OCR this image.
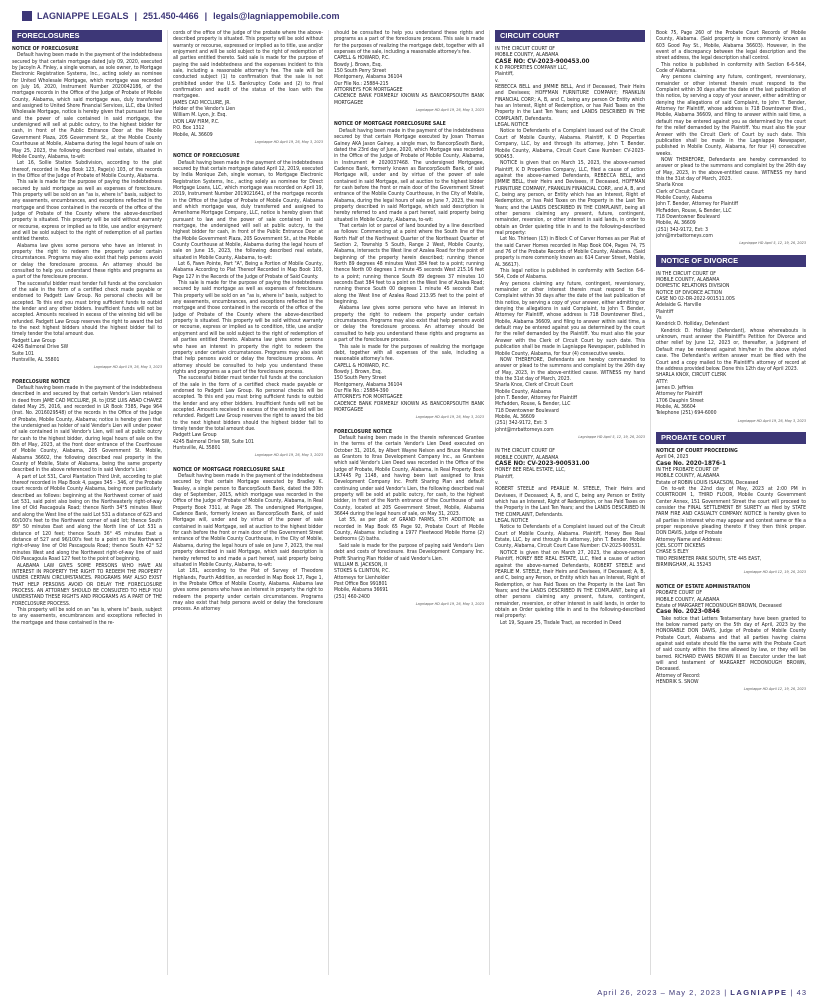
LAGNIAPPE LEGALS | 251.450-4466 | legals@lagniappemobile.com
FORECLOSURES

NOTICE OF FORECLOSURE

Default having been made in the payment of the indebtedness secured by that certain mortgage dated July 09, 2020, executed by Jacoyln A. Finley, a single woman, as sole owner, to Mortgage Electronic Registration Systems, Inc., acting solely as nominee for United Wholesale Mortgage, which mortgage was recorded on July 16, 2020, Instrument Number 2020042186, of the mortgage records in the Office of the Judge of Probate of Mobile County, Alabama, which said mortgage was, duly transferred and assigned to United Shore Financial Services, LLC, dba United Wholesale Mortgage, notice is hereby given that pursuant to law and the power of sale contained in said mortgage, the undersigned will sell at public outcry, to the highest bidder for cash, in front of the Public Entrance Door at the Mobile Government Plaza, 205 Government St., at the Mobile County Courthouse at Mobile, Alabama during the legal hours of sale on May 25, 2023, the following described real estate, situated in Mobile County, Alabama, to-wit:

Lot 16, Sollie Station Subdivision, according to the plat thereof, recorded in Map Book 123, Page(s) 103, of the records in the Office of the Judge of Probate of Mobile County, Alabama.

This sale is made for the purpose of paying the indebtedness secured by said mortgage as well as expenses of foreclosure. This property will be sold on an "as is, where is" basis, subject to any easements, encumbrances, and exceptions reflected in the mortgage and those contained in the records of the office of the Judge of Probate of the County where the above-described property is situated. This property will be sold without warranty or recourse, express or implied as to title, use and/or enjoyment and will be sold subject to the right of redemption of all parties entitled thereto.

Alabama law gives some persons who have an interest in property the right to redeem the property under certain circumstances. Programs may also exist that help persons avoid or delay the foreclosure process. An attorney should be consulted to help you understand these rights and programs as a part of the foreclosure process.

The successful bidder must tender full funds at the conclusion of the sale in the form of a certified check made payable or endorsed to Padgett Law Group. No personal checks will be accepted. To this end you must bring sufficient funds to outbid the lender and any other bidders. Insufficient funds will not be accepted. Amounts received in excess of the winning bid will be refunded. Padgett Law Group reserves the right to award the bid to the next highest bidders should the highest bidder fail to timely tender the total amount due.

Padgett Law Group

4245 Balmoral Drive SW

Suite 101

Huntsville, AL 35801

Lagniappe HD April 19, 26, May 3, 2023

FORECLOSURE NOTICE

Default having been made in the payment of the indebtedness described in and secured by that certain Vendor's Lien retained in deed from JAME CAD MCCLURE, JR. to JOSE LUIS ABAD CHAVEZ dated May 25, 2016, and recorded in LR Book 7385, Page 964 (Inst. No. 2016029548) of the records in the Office of the Judge of Probate, Mobile County, Alabama; notice is hereby given that the undersigned as holder of said Vendor's Lien will under power of sale contained in said Vendor's Lien, will sell at public outcry for cash to the highest bidder, during legal hours of sale on the 8th of May, 2023, at the front door entrance of the Courthouse of Mobile County, Alabama, 205 Government St. Mobile, Alabama 36602, the following described real property in the County of Mobile, State of Alabama, being the same property described in the above referenced to in said Vendor's Lien:

A part of Lot 531, Carol Plantation Third Unit, according to plat thereof recorded in Map Book 4, pages 345 - 346, of the Probate court records of Mobile County Alabama, being more particularly described as follows: beginning at the Northwest corner of said Lot 531, said point also being on the Northeasterly right-of-way line of Old Pascagoula Road; thence North 34°5 minutes West and along the West line of the said Lot 531 a distance of 623 and 60/100's feet to the Northwest corner of said lot; thence South 89° 50 minutes East and along the North line of Lot 531 a distance of 120 feet; thence South 36° 45 minutes East a distance of 527 and 96/100's feet to a point on the Northward right-of-way line of Old Pascagoula Road; thence South 42° 52 minutes West and along the Northwest right-of-way line of said Old Pascagoula Road 127 feet to the point of beginning.

ALABAMA LAW GIVES SOME PERSONS WHO HAVE AN INTEREST IN PROPERTY THE RIGHT TO REDEEM THE PROPERTY UNDER CERTAIN CIRCUMSTANCES. PROGRAMS MAY ALSO EXIST THAT HELP PERSONS AVOID OR DELAY THE FORECLOSURE PROCESS. AN ATTORNEY SHOULD BE CONSULTED TO HELP YOU UNDERSTAND THESE RIGHTS AND PROGRAMS AS A PART OF THE FORECLOSURE PROCESS.

This property will be sold on an "as is, where is" basis, subject to any easements, encumbrances and exceptions reflected in the mortgage and those contained in the re-

cords of the office of the judge of the probate where the above-described property is situated. This property will be sold without warranty or recourse, expressed or implied as to title, use and/or enjoyment and will be sold subject to the right of redemption of all parties entitled thereto. Said sale is made for the purpose of paying the said indebtedness and the expenses incident to this sale, including a reasonable attorney's fee. The sale will be conducted subject (1) to confirmation that the sale is not prohibited under the U.S. Bankruptcy Code and (2) to final confirmation and audit of the status of the loan with the mortgagee.

JAMES CAD MCCLURE, JR.

Holder of the Vendor's Lien

William M. Lyon, Jr. Esq.

LYON LAW FIRM, P.C.

P.O. Box 1312

Mobile, AL 36609

Lagniappe HD April 19, 26, May 3, 2023

NOTICE OF FORECLOSURE

Default having been made in the payment of the indebtedness secured by that certain mortgage dated April 12, 2019, executed by India Monique Zeh, single woman, to Mortgage Electronic Registration Systems, Inc., acting solely as nominee for Direct Mortgage Loans, LLC, which mortgage was recorded on April 19, 2019, Instrument Number 2019021641, of the mortgage records in the Office of the Judge of Probate of Mobile County, Alabama and which mortgage was, duly transferred and assigned to Amerihome Mortgage Company, LLC, notice is hereby given that pursuant to law and the power of sale contained in said mortgage, the undersigned will sell at public outcry, to the highest bidder for cash, in front of the Public Entrance Door at the Mobile Government Plaza, 205 Government St., at the Mobile County Courthouse at Mobile, Alabama during the legal hours of sale on June 15, 2023, the following described real estate, situated in Mobile County, Alabama, to-wit:

Lot 6, Fawn Pointe, Part "A", Being a Portion of Mobile County, Alabama According to Plat Thereof Recorded in Map Book 103, Page 127 in the Records of the Judge of Probate of Said County.

This sale is made for the purpose of paying the indebtedness secured by said mortgage as well as expenses of foreclosure. This property will be sold on an "as is, where is" basis, subject to any easements, encumbrances, and exceptions reflected in the mortgage and those contained in the records of the office of the Judge of Probate of the County where the above-described property is situated. This property will be sold without warranty or recourse, express or implied as to condition, title, use and/or enjoyment and will be sold subject to the right of redemption of all parties entitled thereto. Alabama law gives some persons who have an interest in property the right to redeem the property under certain circumstances. Programs may also exist that help persons avoid or delay the foreclosure process. An attorney should be consulted to help you understand these rights and programs as a part of the foreclosure process.

The successful bidder must tender full funds at the conclusion of the sale in the form of a certified check made payable or endorsed to Padgett Law Group. No personal checks will be accepted. To this end you must bring sufficient funds to outbid the lender and any other bidders. Insufficient funds will not be accepted. Amounts received in excess of the winning bid will be refunded. Padgett Law Group reserves the right to award the bid to the next highest bidders should the highest bidder fail to timely tender the total amount due.

Padgett Law Group

4245 Balmoral Drive SW, Suite 101

Huntsville, AL 35801

Lagniappe HD April 19, 26, May 3, 2023

NOTICE OF MORTGAGE FORECLOSURE SALE

Default having been made in the payment of the indebtedness secured by that certain Mortgage executed by Bradley K. Teasley, a single person to BancorpSouth Bank, dated the 30th day of September, 2015, which mortgage was recorded in the Office of the Judge of Probate of Mobile County, Alabama, in Real Property Book 7311, at Page 28. The undersigned Mortgagee, Cadence Bank, formerly known as BancorpSouth Bank, of said Mortgage will, under and by virtue of the power of sale contained in said Mortgage, sell at auction to the highest bidder for cash before the front or main door of the Government Street entrance of the Mobile County Courthouse, in the City of Mobile, Alabama, during the legal hours of sale on June 7, 2023, the real property described in said Mortgage, which said description is hereby referred to and made a part hereof, said property being situated in Mobile County, Alabama, to-wit:

Lot 181, according to the Plat of Survey of Theodore Highlands, Fourth Addition, as recorded in Map Book 17, Page 1, in the Probate Office of Mobile County, Alabama. Alabama law gives some persons who have an interest in property the right to redeem the property under certain circumstances. Programs may also exist that help persons avoid or delay the foreclosure process. An attorney

should be consulted to help you understand these rights and programs as a part of the foreclosure process. This sale is made for the purposes of realizing the mortgage debt, together with all expenses of the sale, including a reasonable attorney's fee.

CAPELL & HOWARD, P.C.

Bowdy J. Brown, Esq.

150 South Perry Street

Montgomery, Alabama 36104

Our File No.: 25884-215

ATTORNEYS FOR MORTGAGEE

CADENCE BANK FORMERLY KNOWN AS BANCORPSOUTH BANK MORTGAGEE

Lagniappe HD April 19, 26, May 3, 2023

NOTICE OF MORTGAGE FORECLOSURE SALE

Default having been made in the payment of the indebtedness secured by that certain Mortgage executed by Josan Thomas Gainey AKA Jason Gainey, a single man, to BancorpSouth Bank, dated the 23rd day of June, 2020, which Mortgage was recorded in the Office of the Judge of Probate of Mobile County, Alabama, in Instrument # 2020037468. The undersigned Mortgagee, Cadence Bank, formerly known as BancorpSouth Bank, of said Mortgage will, under and by virtue of the power of sale contained in said Mortgage, sell at auction to the highest bidder for cash before the front or main door of the Government Street entrance of the Mobile County Courthouse, in the City of Mobile, Alabama, during the legal hours of sale on June 7, 2023, the real property described in said Mortgage, which said description is hereby referred to and made a part hereof, said property being situated in Mobile County, Alabama, to-wit:

That certain lot or parcel of land bounded by a line described as follows: Commencing at a point where the South line of the North Half of the Northwest Quarter of the Northeast Quarter of Section 2, Township 5 South, Range 2 West, Mobile County, Alabama, intersects the West line of Azalea Road for the point of beginning of the property herein described; running thence North 89 degrees 48 minutes West 384 feet to a point; running thence North 00 degrees 1 minute 45 seconds West 215.16 feet to a point; running thence South 89 degrees 37 minutes 10 seconds East 384 feet to a point on the West line of Azalea Road; running thence South 00 degrees 1 minute 45 seconds East along the West line of Azalea Road 213.95 feet to the point of beginning.

Alabama law gives some persons who have an interest in property the right to redeem the property under certain circumstances. Programs may also exist that help persons avoid or delay the foreclosure process. An attorney should be consulted to help you understand these rights and programs as a part of the foreclosure process.

This sale is made for the purposes of realizing the mortgage debt, together with all expenses of the sale, including a reasonable attorney's fee.

CAPELL & HOWARD, P.C.

Bowdy J. Brown, Esq.

150 South Perry Street

Montgomery, Alabama 36104

Our File No.: 25884-390

ATTORNEYS FOR MORTGAGEE

CADENCE BANK FORMERLY KNOWN AS BANCORPSOUTH BANK MORTGAGEE

Lagniappe HD April 19, 26, May 3, 2023

FORECLOSURE NOTICE

Default having been made in the therein referenced Grantee in the terms of the certain Vendor's Lien Deed executed on October 31, 2016, by Albert Wayne Nelson and Bruce Marschke as Grantors to Itras Development Company Inc., as Grantees which said Vendor's Lien Deed was recorded in the Office of the Judge of Probate, Mobile County, Alabama, in Real Property Book LR7445 Pg 1148, and having been last assigned to Itras Development Company Inc. Profit Sharing Plan and default continuing under said Vendor's Lien, the following described real property will be sold at public outcry, for cash, to the highest bidder, in front of the North entrance of the Courthouse of said County, located at 205 Government Street, Mobile, Alabama 36644 during the legal hours of sale, on May 31, 2023.

Lot 55, as per plat of GRAND FARMS, 5TH ADDITION; as recorded in Map Book 65 Page 92, Probate Court of Mobile County, Alabama: including a 1977 Fleetwood Mobile Home (2) bedrooms (2) baths.

Said sale is made for the purpose of paying said Vendor's Lien debt and costs of foreclosure. Itras Development Company Inc. Profit Sharing Plan Holder of said Vendor's Lien.

WILLIAM B. JACKSON, II

STOKES & CLINTON, P.C.

Attorneys for Lienholder

Post Office Box 991801

Mobile, Alabama 36691

(251) 460-2400

Lagniappe HD April 19, 26, May 3, 2023

CIRCUIT COURT

IN THE CIRCUIT COURT OF

MOBILE COUNTY, ALABAMA

CASE NO: CV-2023-900453.00

K D PROPERTIES COMPANY LLC,

Plaintiff,

v.

REBECCA BELL and JIMMIE BELL, And if Deceased, Their Heirs and Devisees; HOFFMAN FURNITURE COMPANY; FRANKLIN FINANCIAL CORP.; A, B, and C, being any person Or Entity which has an Interest, Right of Redemption, or has Paid Taxes on the Property in the Last Ten Years; and LANDS DESCRIBED IN THE COMPLAINT, Defendants.

LEGAL NOTICE

Notice to Defendants of a Complaint issued out of the Circuit Court of Mobile County, Alabama. Plaintiff, K D Properties Company, LLC, by and through its attorney, John T. Bender. Mobile County, Alabama, Circuit Court Case Number: CV-2023-900453.

NOTICE is given that on March 15, 2023, the above-named Plaintiff, K D Properties Company, LLC, filed a cause of action against the above-named Defendants, REBECCA BELL, and JIMMIE BELL, their Heirs and Devisees, if Deceased, HOFFMAN FURNITURE COMPANY, FRANKLIN FINANCIAL CORP., and A, B, and C, being any person, or Entity which has an Interest, Right of Redemption, or has Paid Taxes on the Property in the Last Ten Years; and the LANDS DESCRIBED IN THE COMPLAINT, being all other persons claiming any present, future, contingent, remainder, reversion, or other interest in said lands, in order to obtain an Order quieting title in and to the following-described real property:

Lot No. Thirteen (13) in Block C of Carver Homes as per Plat of the said Carver Homes recorded in Map Book 004, Pages 74, 75 and 76 of the Probate Records of Mobile County, Alabama. (Said property is more commonly known as: 614 Carver Street, Mobile, AL 36617).

This legal notice is published in conformity with Section 6-6-564, Code of Alabama.

Any persons claiming any future, contingent, reversionary, remainder or other interest therein must respond to the Complaint within 30 days after the date of the last publication of this notice, by serving a copy of your answer, either admitting or denying the allegations in said Complaint, to John T. Bender, Attorney for Plaintiff, whose address is 718 Downtowner Blvd., Mobile, Alabama 36609, and filing to answer within said time, a default may be entered against you as determined by the court for the relief demanded by the Plaintiff. You must also file your Answer with the Clerk of Circuit Court by such date. This publication shall be made in Lagniappe Newspaper, published in Mobile County, Alabama, for four (4) consecutive weeks.

NOW THEREFORE, Defendants are hereby commanded to answer or plead to the summons and complaint by the 26th day of May, 2023, in the above-entitled cause. WITNESS my hand this the 31st day of March, 2023.

Sharla Knox, Clerk of Circuit Court

Mobile County, Alabama

John T. Bender, Attorney for Plaintiff

McFadden, Rouse, & Bender, LLC

718 Downtowner Boulevard

Mobile, AL 36609

(251) 342-9172, Ext: 3

johnt@mrbattorneys.com

Lagniappe HD April 5, 12, 19, 26, 2023

IN THE CIRCUIT COURT OF

MOBILE COUNTY, ALABAMA

CASE NO: CV-2023-900531.00

HONEY BEE REAL ESTATE, LLC,

Plaintiff,

v.

ROBERT STEELE and PEARLIE M. STEELE, Their Heirs and Devisees, if Deceased; A, B, and C, being any Person or Entity which has an Interest, Right of Redemption, or has Paid Taxes on the Property in the Last Ten Years; and the LANDS DESCRIBED IN THE COMPLAINT, Defendants.

LEGAL NOTICE

Notice to Defendants of a Complaint issued out of the Circuit Court of Mobile County, Alabama. Plaintiff, Honey Bee Real Estate, LLC, by and through its attorney, John T. Bender. Mobile County, Alabama, Circuit Court Case Number: CV-2023-900531.

NOTICE is given that on March 27, 2023, the above-named Plaintiff, HONEY BEE REAL ESTATE, LLC, filed a cause of action against the above-named Defendants, ROBERT STEELE and PEARLIE M. STEELE, their Heirs and Devisees, if Deceased; A, B, and C, being any Person, or Entity which has an Interest, Right of Redemption, or has Paid Taxes on the Property in the Last Ten Years; and the LANDS DESCRIBED IN THE COMPLAINT, being all other persons claiming any present, future, contingent, remainder, reversion, or other interest in said lands, in order to obtain an Order quieting title in and to the following-described real property:

Lot 19, Square 25, Tisdale Tract, as recorded in Deed

Book 75, Page 260 of the Probate Court Records of Mobile County, Alabama. (Said property is more commonly known as 603 Good Pay St., Mobile, Alabama 36603). However, in the event of a discrepancy between the legal description and the street address, the legal description shall control.

This notice is published in conformity with Section 6-6-564, Code of Alabama.

Any persons claiming any future, contingent, reversionary, remainder or other interest therein must respond to the Complaint within 30 days after the date of the last publication of this notice, by serving a copy of your answer, either admitting or denying the allegations of said Complaint, to John T. Bender, Attorney for Plaintiff, whose address is 718 Downtowner Blvd., Mobile, Alabama 36609, and filing to answer within said time, a default may be entered against you as determined by the court for the relief demanded by the Plaintiff. You must also file your Answer with the Circuit Clerk of Court by such date. This publication shall be made in the Lagniappe Newspaper, published in Mobile County, Alabama, for four (4) consecutive weeks.

NOW THEREFORE, Defendants are hereby commanded to answer or plead to the summons and complaint by the 26th day of May, 2023, in the above-entitled cause. WITNESS my hand this the 31st day of March, 2023.

Sharla Knox

Clerk of Circuit Court

Mobile County, Alabama

John T. Bender, Attorney for Plaintiff

McFadden, Rouse, & Bender, LLC

718 Downtowner Boulevard

Mobile, AL 36609

(251) 342-9172, Ext: 3

john@mrbattorneys.com

Lagniappe HD April 5, 12, 19, 26, 2023

NOTICE OF DIVORCE

IN THE CIRCUIT COURT OF

MOBILE COUNTY, ALABAMA

DOMESTIC RELATIONS DIVISION

NOTICE OF DIVORCE ACTION

CASE NO 02-DR-2022-901511.00S

Adelaide G. Harville

Plaintiff

Vs

Kendrick D. Holliday, Defendant

Kendrick D. Holliday (Defendant), whose whereabouts is unknown, must answer the Plaintiff's Petition for Divorce and other relief by June 12, 2023 or, thereafter, a Judgment of Default may be rendered against him/her in the above styled case. The Defendant's written answer must be filed with the Court and a copy mailed to the Plaintiff's attorney of record at the address provided below. Done this 12th day of April 2023.

SHARLA KNOX, CIRCUIT CLERK

ATTY:

James D. Jeffries

Attorney for Plaintiff

1706 Dauphin Street

Mobile, AL 36604

Telephone (251) 694-6000

Lagniappe HD April 19, 26, May 3, 2023

PROBATE COURT

NOTICE OF COURT PROCEEDING

April 04, 2023

Case No. 2020-1876-1

IN THE PROBATE COURT OF

MOBILE COUNTY, ALABAMA

Estate of ROBIN LOUIS ISAACSON, Deceased

On to-wit the 22nd day of May, 2023 at 2:00 PM in COURTROOM 1, THIRD FLOOR, Mobile County Government Center Annex, 151 Government Street the court will proceed to consider the FINAL SETTLEMENT BY SURETY as filed by STATE FARM FIRE AND CASUALTY COMPANY. NOTICE is hereby given to all parties in interest who may appear and contest same or file a proper responsive pleading thereto if they then think proper. DON DAVIS, Judge of Probate

Attorney Name and Address:

JOEL SCOTT DICKENS

CHASE S ELEY

TWO PERIMETER PARK SOUTH, STE 445 EAST,

BIRMINGHAM, AL 35243

Lagniappe HD April 12, 19, 26, 2023

NOTICE OF ESTATE ADMINISTRATION

PROBATE COURT OF

MOBILE COUNTY, ALABAMA

Estate of MARGARET MCDONOUGH BROWN, Deceased

Case No. 2023-0846

Take notice that Letters Testamentary have been granted to the below named party on the 5th day of April, 2023 by the HONORABLE DON DAVIS, Judge of Probate of Mobile County Probate Court, Alabama and that all parties having claims against said estate should file the same with the Probate Court of said county within the time allowed by law, or they will be barred. RICHARD EVANS BROWN III as Executor under the last will and testament of MARGARET MCDONOUGH BROWN, Deceased.

Attorney of Record:

HENDRIK S. SNOW

Lagniappe HD April 12, 19, 26, 2023

April 26, 2023 – May 2, 2023 | LAGNIAPPE | 43
